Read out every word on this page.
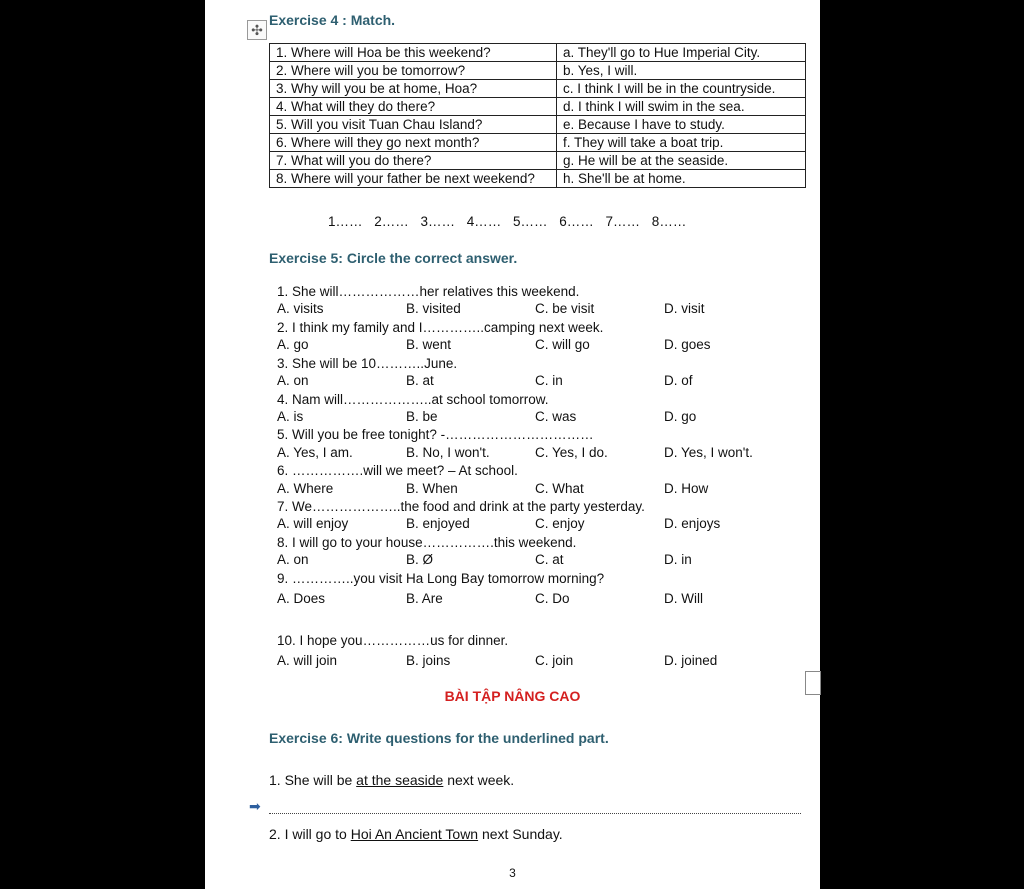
✣
Exercise 4 : Match.
1. Where will Hoa be this weekend?	a. They'll go to Hue Imperial City.
2. Where will you be tomorrow?	b. Yes, I will.
3. Why will you be at home, Hoa?	c. I think I will be in the countryside.
4. What will they do there?	d. I think I will swim in the sea.
5. Will you visit Tuan Chau Island?	e. Because I have to study.
6. Where will they go next month?	f. They will take a boat trip.
7. What will you do there?	g. He will be at the seaside.
8. Where will your father be next weekend?	h. She'll be at home.
1…… 2…… 3…… 4…… 5…… 6…… 7…… 8……
Exercise 5: Circle the correct answer.
1. She will………………her relatives this weekend.
A. visits	B. visited	C. be visit	D. visit
2. I think my family and I…………..camping next week.
A. go	B. went	C. will go	D. goes
3. She will be 10………..June.
A. on	B. at	C. in	D. of
4. Nam will………………..at school tomorrow.
A. is	B. be	C. was	D. go
5. Will you be free tonight? -……………………………
A. Yes, I am.	B. No, I won't.	C. Yes, I do.	D. Yes, I won't.
6. …………….will we meet? – At school.
A. Where	B. When	C. What	D. How
7. We………………..the food and drink at the party yesterday.
A. will enjoy	B. enjoyed	C. enjoy	D. enjoys
8. I will go to your house…………….this weekend.
A. on	B. Ø	C. at	D. in
9. …………..you visit Ha Long Bay tomorrow morning?
A. Does	B. Are	C. Do	D. Will
10. I hope you……………us for dinner.
A. will join	B. joins	C. join	D. joined
BÀI TẬP NÂNG CAO
Exercise 6: Write questions for the underlined part.
1. She will be at the seaside next week.
➡
2. I will go to Hoi An Ancient Town next Sunday.
3
